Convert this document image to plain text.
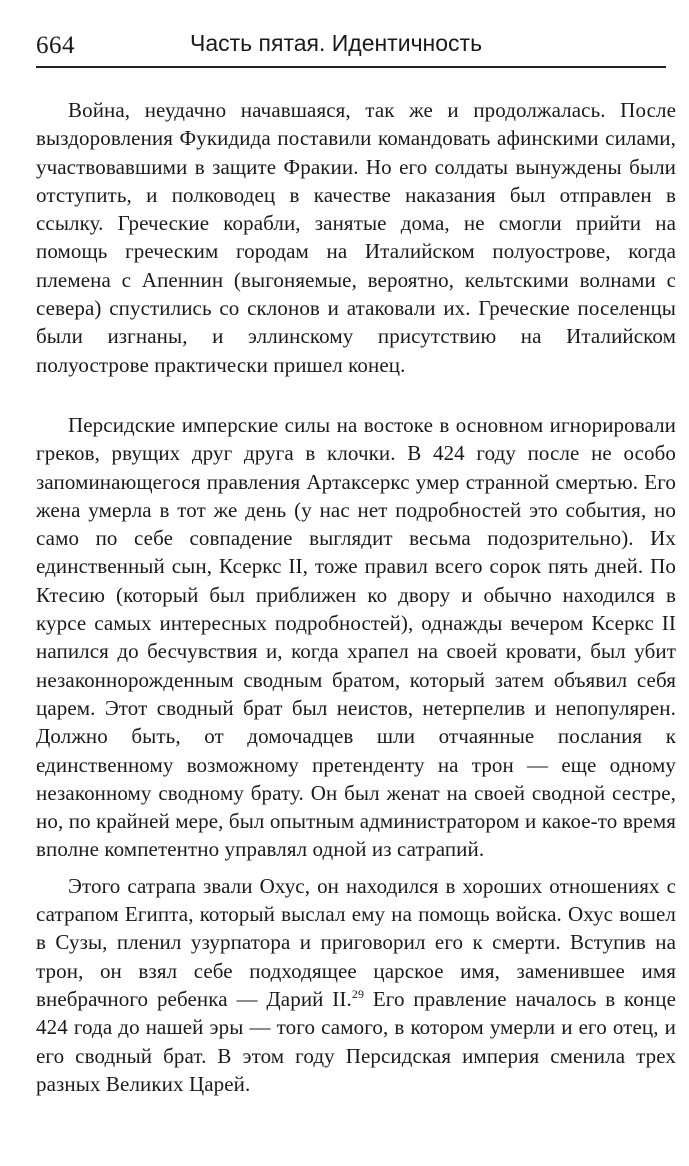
664	Часть пятая. Идентичность

Война, неудачно начавшаяся, так же и продолжалась. После выздоровления Фукидида поставили командовать афинскими силами, участвовавшими в защите Фракии. Но его солдаты вынуждены были отступить, и полководец в качестве наказания был отправлен в ссылку. Греческие корабли, занятые дома, не смогли прийти на помощь греческим городам на Италийском полуострове, когда племена с Апеннин (выгоняемые, вероятно, кельтскими волнами с севера) спустились со склонов и атаковали их. Греческие поселенцы были изгнаны, и эллинскому присутствию на Италийском полуострове практически пришел конец.

Персидские имперские силы на востоке в основном игнорировали греков, рвущих друг друга в клочки. В 424 году после не особо запоминающегося правления Артаксеркс умер странной смертью. Его жена умерла в тот же день (у нас нет подробностей это события, но само по себе совпадение выглядит весьма подозрительно). Их единственный сын, Ксеркс II, тоже правил всего сорок пять дней. По Ктесию (который был приближен ко двору и обычно находился в курсе самых интересных подробностей), однажды вечером Ксеркс II напился до бесчувствия и, когда храпел на своей кровати, был убит незаконнорожденным сводным братом, который затем объявил себя царем. Этот сводный брат был неистов, нетерпелив и непопулярен. Должно быть, от домочадцев шли отчаянные послания к единственному возможному претенденту на трон — еще одному незаконному сводному брату. Он был женат на своей сводной сестре, но, по крайней мере, был опытным администратором и какое-то время вполне компетентно управлял одной из сатрапий.

Этого сатрапа звали Охус, он находился в хороших отношениях с сатрапом Египта, который выслал ему на помощь войска. Охус вошел в Сузы, пленил узурпатора и приговорил его к смерти. Вступив на трон, он взял себе подходящее царское имя, заменившее имя внебрачного ребенка — Дарий II.$^{29}$ Его правление началось в конце 424 года до нашей эры — того самого, в котором умерли и его отец, и его сводный брат. В этом году Персидская империя сменила трех разных Великих Царей.
